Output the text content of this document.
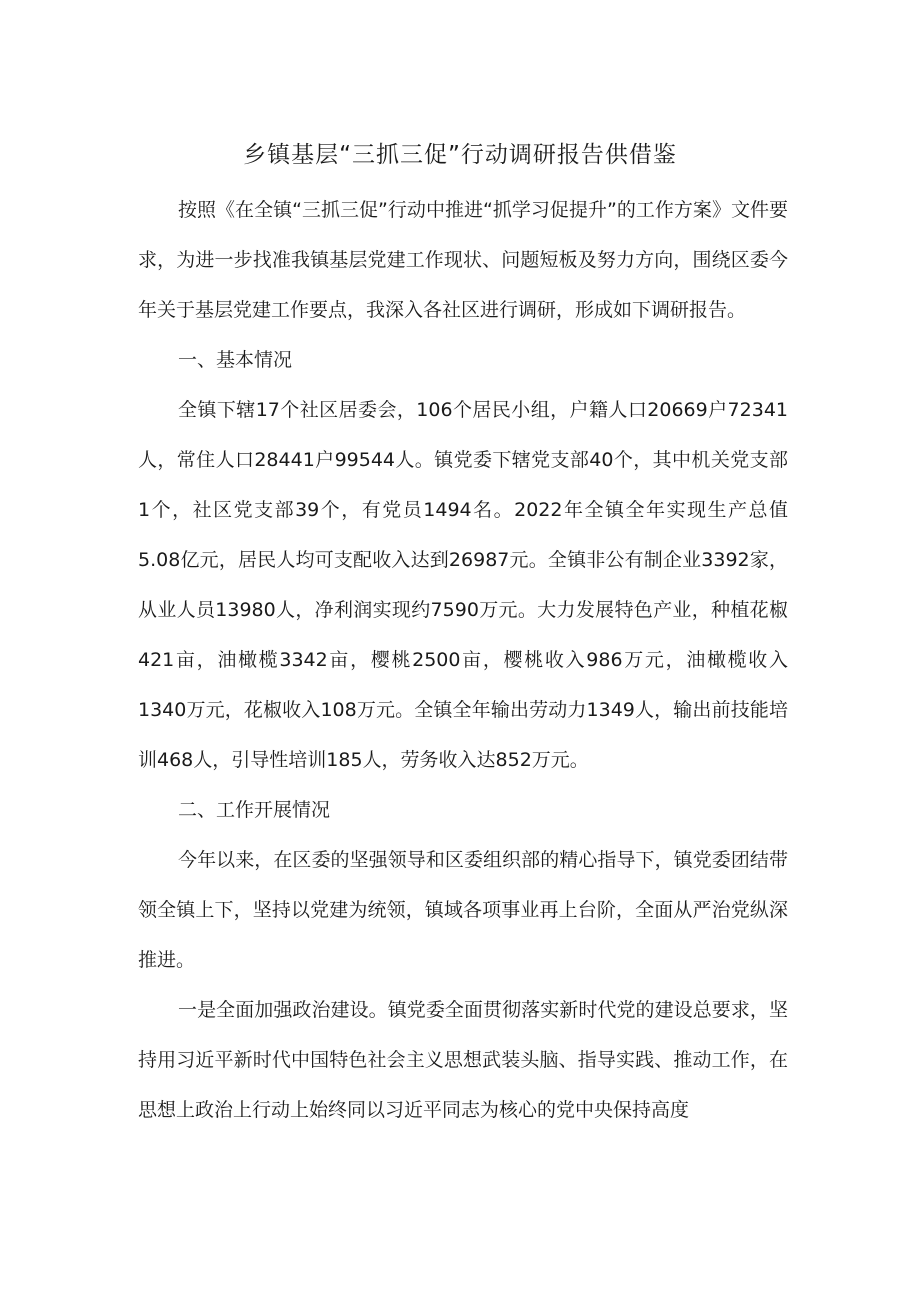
乡镇基层“三抓三促”行动调研报告供借鉴

按照《在全镇“三抓三促”行动中推进“抓学习促提升”的工作方案》文件要求，为进一步找准我镇基层党建工作现状、问题短板及努力方向，围绕区委今年关于基层党建工作要点，我深入各社区进行调研，形成如下调研报告。

一、基本情况

全镇下辖17个社区居委会，106个居民小组，户籍人口20669户72341人，常住人口28441户99544人。镇党委下辖党支部40个，其中机关党支部1个，社区党支部39个，有党员1494名。2022年全镇全年实现生产总值5.08亿元，居民人均可支配收入达到26987元。全镇非公有制企业3392家，从业人员13980人，净利润实现约7590万元。大力发展特色产业，种植花椒421亩，油橄榄3342亩，樱桃2500亩，樱桃收入986万元，油橄榄收入1340万元，花椒收入108万元。全镇全年输出劳动力1349人，输出前技能培训468人，引导性培训185人，劳务收入达852万元。

二、工作开展情况

今年以来，在区委的坚强领导和区委组织部的精心指导下，镇党委团结带领全镇上下，坚持以党建为统领，镇域各项事业再上台阶，全面从严治党纵深推进。

一是全面加强政治建设。镇党委全面贯彻落实新时代党的建设总要求，坚持用习近平新时代中国特色社会主义思想武装头脑、指导实践、推动工作，在思想上政治上行动上始终同以习近平同志为核心的党中央保持高度
